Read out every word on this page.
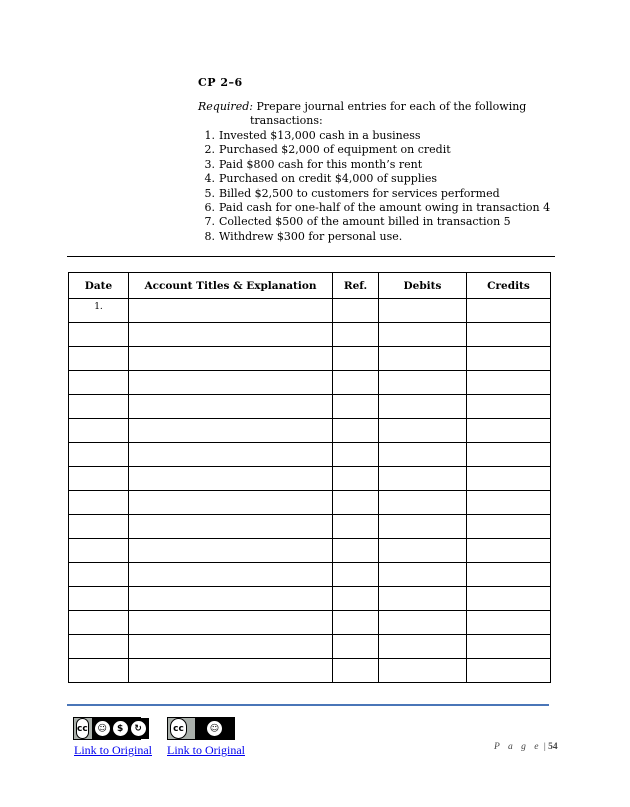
CP 2–6
Required: Prepare journal entries for each of the following
transactions:
1. Invested $13,000 cash in a business
2. Purchased $2,000 of equipment on credit
3. Paid $800 cash for this month’s rent
4. Purchased on credit $4,000 of supplies
5. Billed $2,500 to customers for services performed
6. Paid cash for one-half of the amount owing in transaction 4
7. Collected $500 of the amount billed in transaction 5
8. Withdrew $300 for personal use.
Date	Account Titles & Explanation	Ref.	Debits	Credits
1.				

cc	☺	$	↻	cc	☺
Link to Original Link to Original	P a g e | 54
